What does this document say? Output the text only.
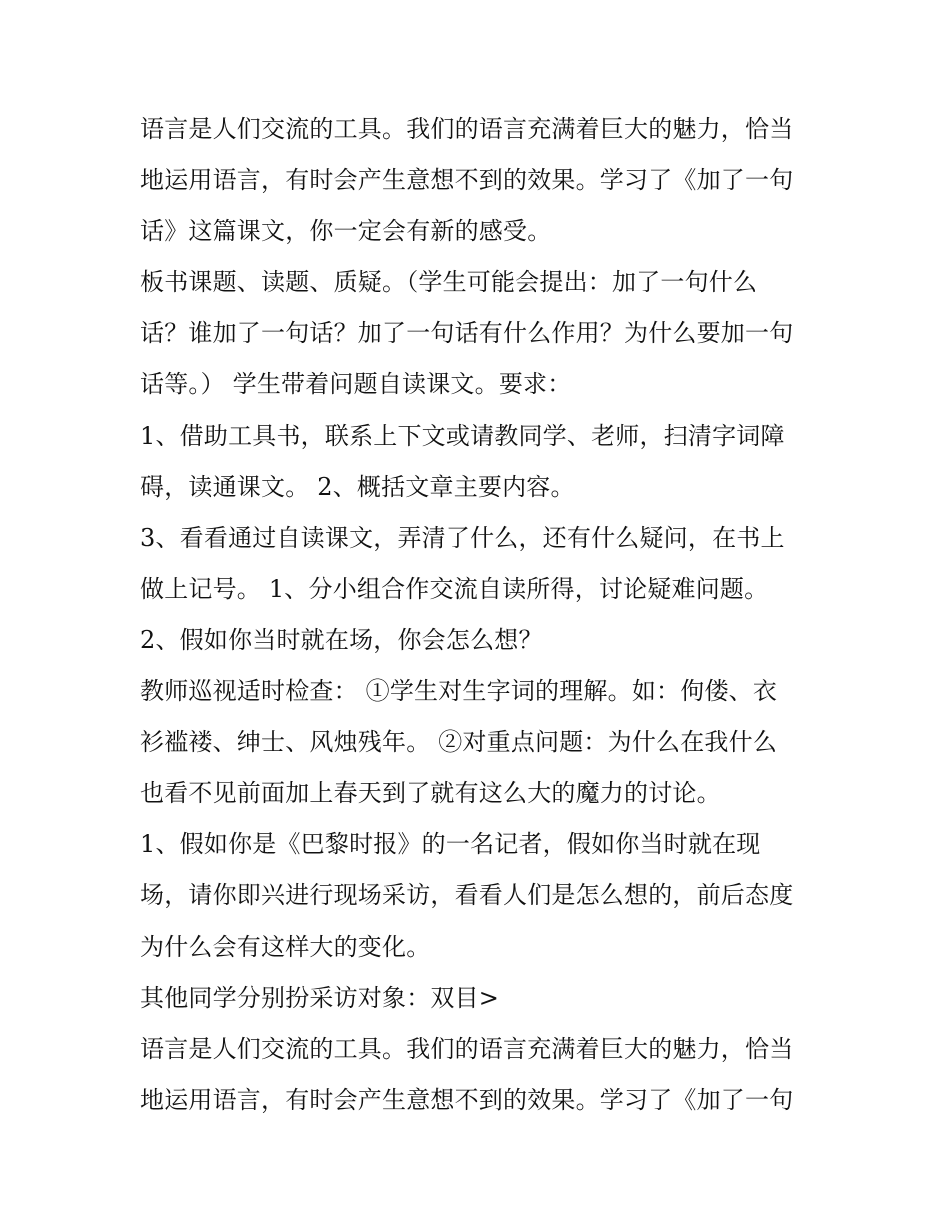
语言是人们交流的工具。我们的语言充满着巨大的魅力，恰当
地运用语言，有时会产生意想不到的效果。学习了《加了一句
话》这篇课文，你一定会有新的感受。
板书课题、读题、质疑。（学生可能会提出：加了一句什么
话？谁加了一句话？加了一句话有什么作用？为什么要加一句
话等。） 学生带着问题自读课文。要求：
1、借助工具书，联系上下文或请教同学、老师，扫清字词障
碍，读通课文。 2、概括文章主要内容。
3、看看通过自读课文，弄清了什么，还有什么疑问，在书上
做上记号。 1、分小组合作交流自读所得，讨论疑难问题。
2、假如你当时就在场，你会怎么想？
教师巡视适时检查： ①学生对生字词的理解。如：佝偻、衣
衫褴褛、绅士、风烛残年。 ②对重点问题：为什么在我什么
也看不见前面加上春天到了就有这么大的魔力的讨论。
1、假如你是《巴黎时报》的一名记者，假如你当时就在现
场，请你即兴进行现场采访，看看人们是怎么想的，前后态度
为什么会有这样大的变化。
其他同学分别扮采访对象：双目>
语言是人们交流的工具。我们的语言充满着巨大的魅力，恰当
地运用语言，有时会产生意想不到的效果。学习了《加了一句
